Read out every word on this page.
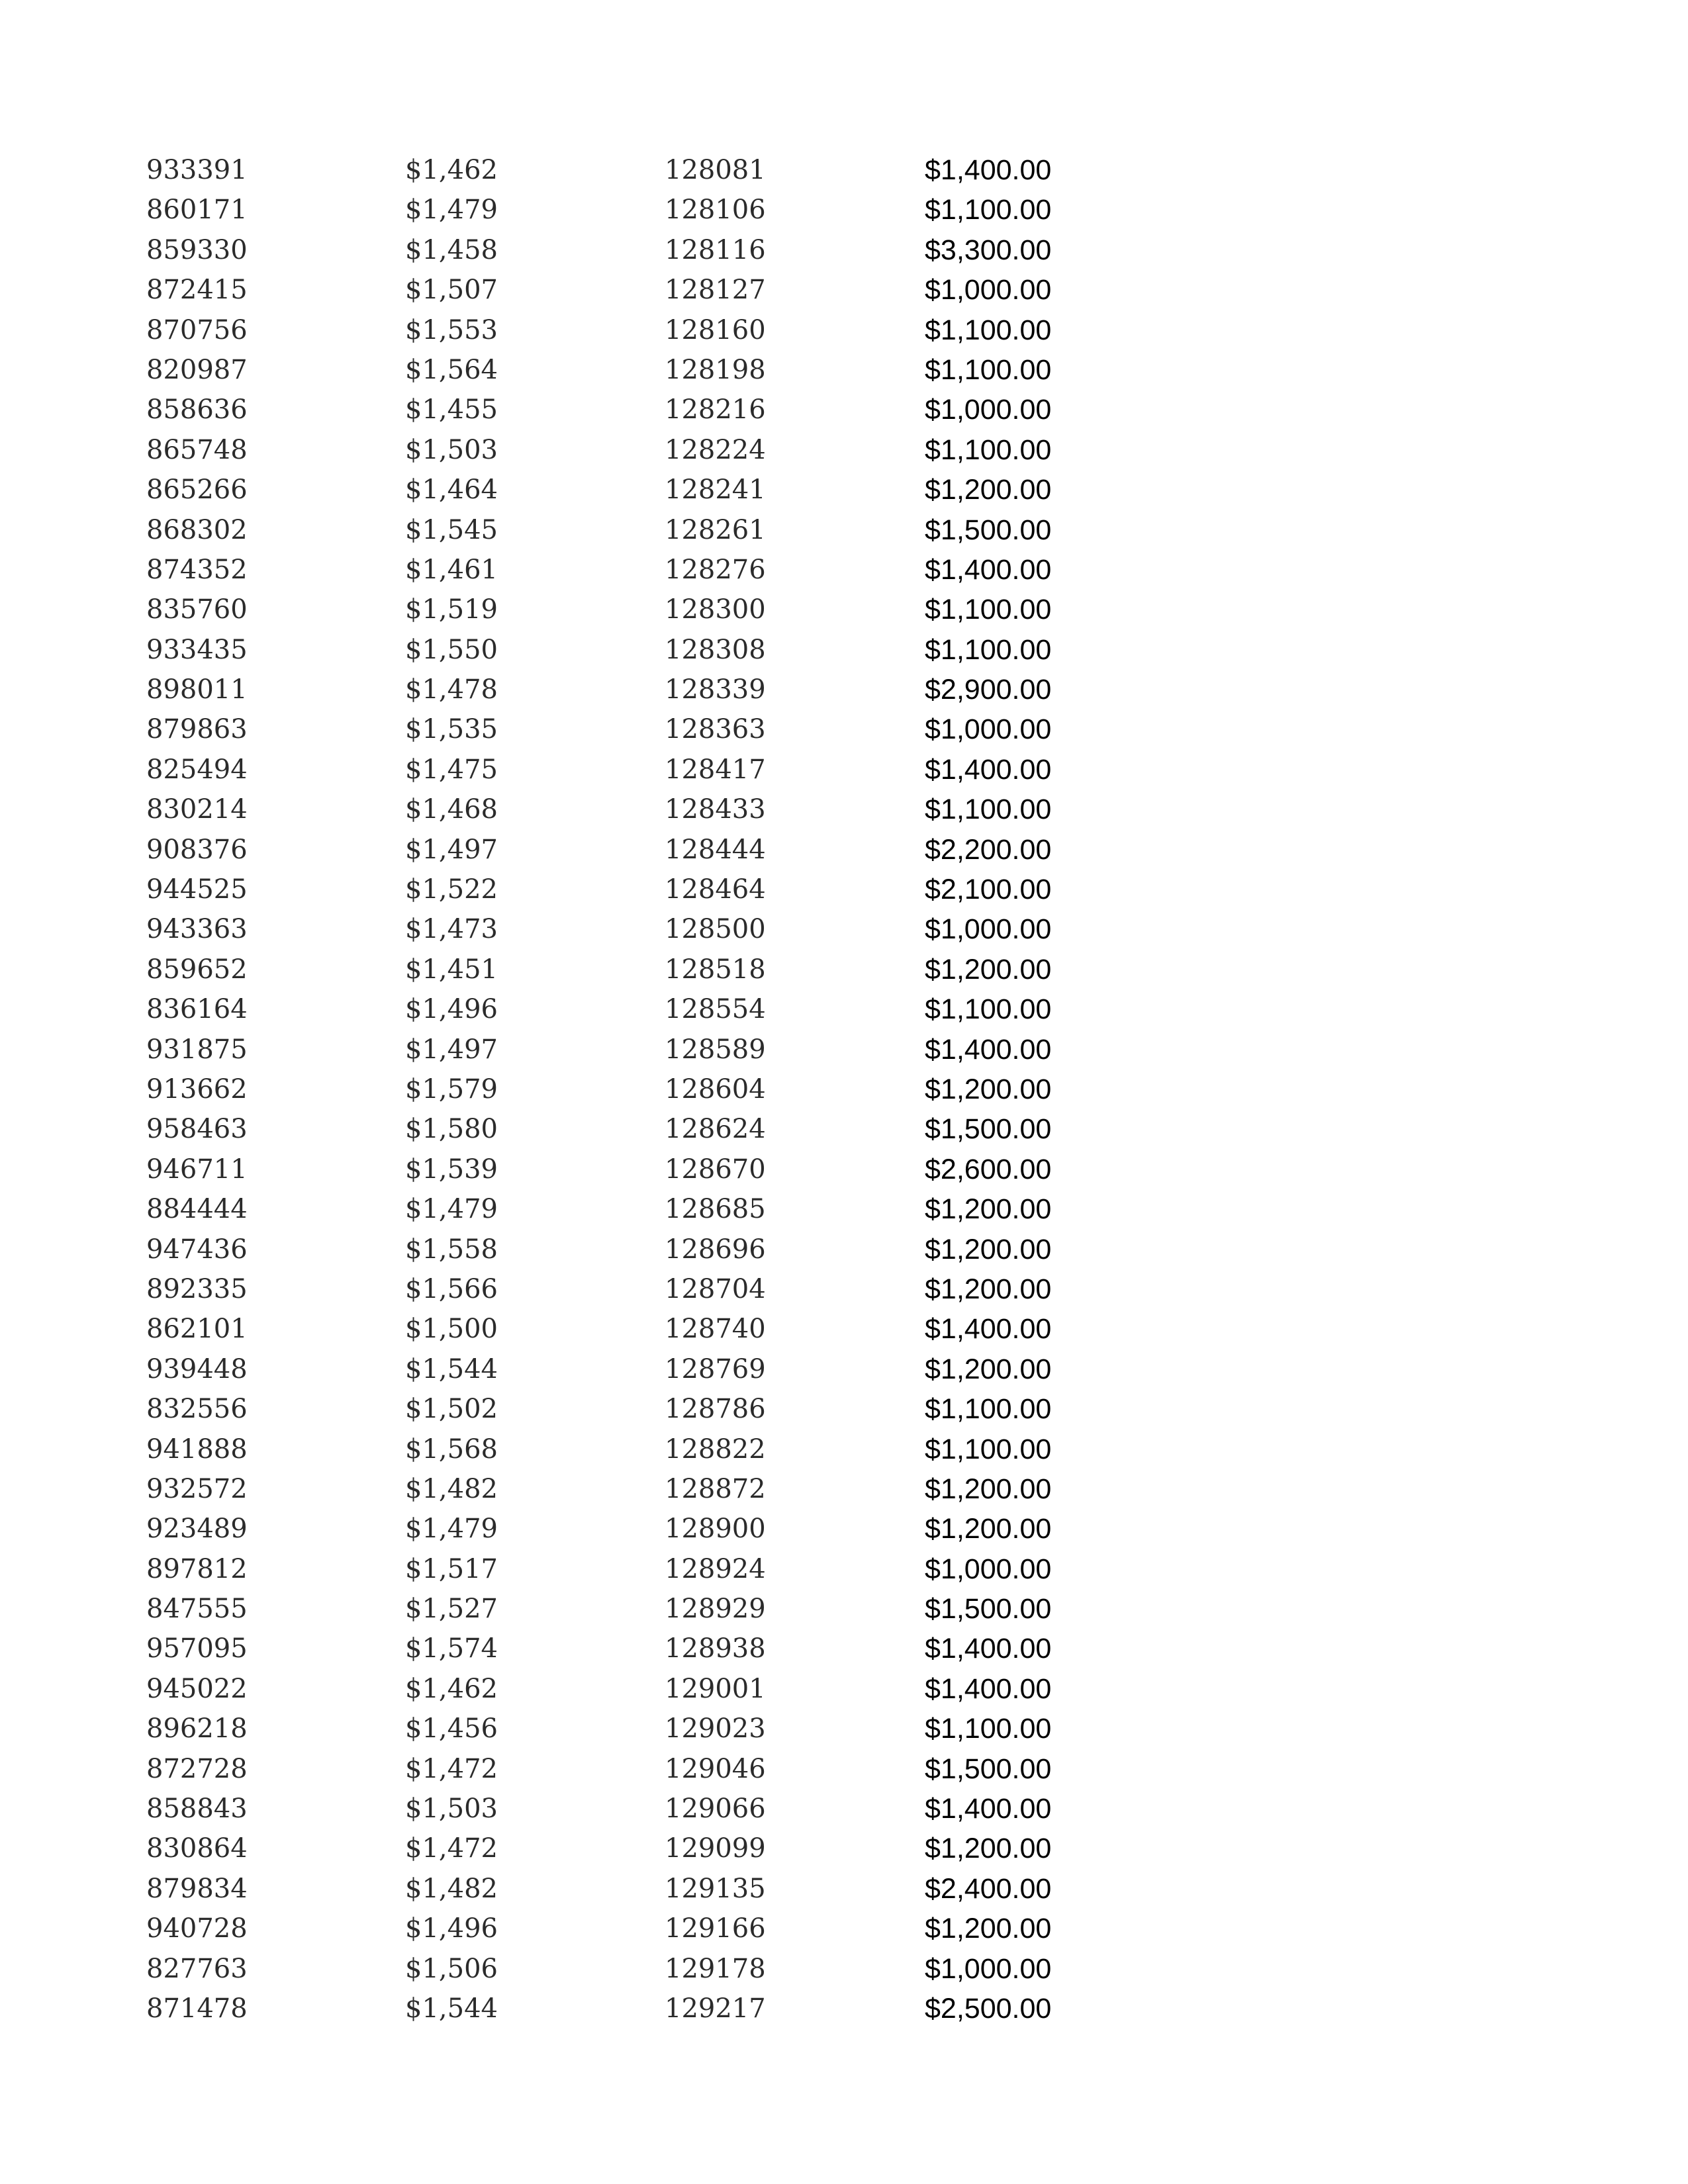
933391	$1,462	128081	$1,400.00
860171	$1,479	128106	$1,100.00
859330	$1,458	128116	$3,300.00
872415	$1,507	128127	$1,000.00
870756	$1,553	128160	$1,100.00
820987	$1,564	128198	$1,100.00
858636	$1,455	128216	$1,000.00
865748	$1,503	128224	$1,100.00
865266	$1,464	128241	$1,200.00
868302	$1,545	128261	$1,500.00
874352	$1,461	128276	$1,400.00
835760	$1,519	128300	$1,100.00
933435	$1,550	128308	$1,100.00
898011	$1,478	128339	$2,900.00
879863	$1,535	128363	$1,000.00
825494	$1,475	128417	$1,400.00
830214	$1,468	128433	$1,100.00
908376	$1,497	128444	$2,200.00
944525	$1,522	128464	$2,100.00
943363	$1,473	128500	$1,000.00
859652	$1,451	128518	$1,200.00
836164	$1,496	128554	$1,100.00
931875	$1,497	128589	$1,400.00
913662	$1,579	128604	$1,200.00
958463	$1,580	128624	$1,500.00
946711	$1,539	128670	$2,600.00
884444	$1,479	128685	$1,200.00
947436	$1,558	128696	$1,200.00
892335	$1,566	128704	$1,200.00
862101	$1,500	128740	$1,400.00
939448	$1,544	128769	$1,200.00
832556	$1,502	128786	$1,100.00
941888	$1,568	128822	$1,100.00
932572	$1,482	128872	$1,200.00
923489	$1,479	128900	$1,200.00
897812	$1,517	128924	$1,000.00
847555	$1,527	128929	$1,500.00
957095	$1,574	128938	$1,400.00
945022	$1,462	129001	$1,400.00
896218	$1,456	129023	$1,100.00
872728	$1,472	129046	$1,500.00
858843	$1,503	129066	$1,400.00
830864	$1,472	129099	$1,200.00
879834	$1,482	129135	$2,400.00
940728	$1,496	129166	$1,200.00
827763	$1,506	129178	$1,000.00
871478	$1,544	129217	$2,500.00
